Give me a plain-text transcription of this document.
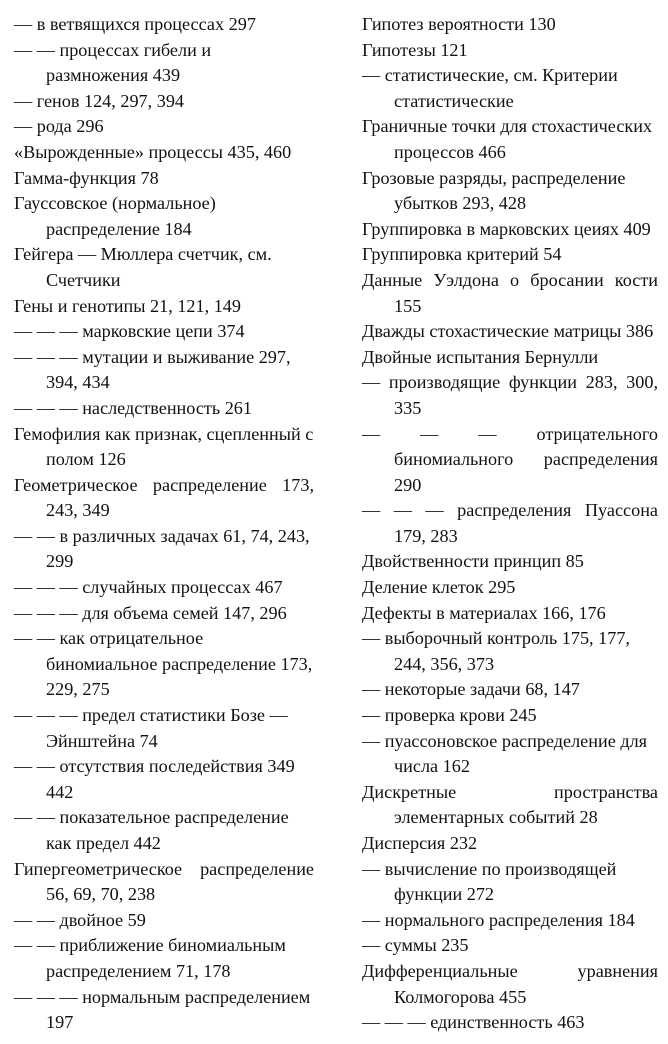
— в ветвящихся процессах 297

— — процессах гибели и размножения 439

— генов 124, 297, 394

— рода 296

«Вырожденные» процессы 435, 460

Гамма-функция 78

Гауссовское (нормальное) распределение 184

Гейгера — Мюллера счетчик, см. Счетчики

Гены и генотипы 21, 121, 149

— — — марковские цепи 374

— — — мутации и выживание 297, 394, 434

— — — наследственность 261

Гемофилия как признак, сцепленный с полом 126

Геометрическое распределение 173, 243, 349

— — в различных задачах 61, 74, 243, 299

— — — случайных процессах 467

— — — для объема семей 147, 296

— — как отрицательное биномиальное распределение 173, 229, 275

— — — предел статистики Бозе — Эйнштейна 74

— — отсутствия последействия 349 442

— — показательное распределение как предел 442

Гипергеометрическое распределение 56, 69, 70, 238

— — двойное 59

— — приближение биномиальным распределением 71, 178

— — — нормальным распределением 197

Гипотез вероятности 130

Гипотезы 121

— статистические, см. Критерии статистические

Граничные точки для стохастических процессов 466

Грозовые разряды, распределение убытков 293, 428

Группировка в марковских цеиях 409

Группировка критерий 54

Данные Уэлдона о бросании кости 155

Дважды стохастические матрицы 386

Двойные испытания Бернулли

— производящие функции 283, 300, 335

— — — отрицательного биномиального распределения 290

— — — распределения Пуассона 179, 283

Двойственности принцип 85

Деление клеток 295

Дефекты в материалах 166, 176

— выборочный контроль 175, 177, 244, 356, 373

— некоторые задачи 68, 147

— проверка крови 245

— пуассоновское распределение для числа 162

Дискретные пространства элементарных событий 28

Дисперсия 232

— вычисление по производящей функции 272

— нормального распределения 184

— суммы 235

Дифференциальные уравнения Колмогорова 455

— — — единственность 463
